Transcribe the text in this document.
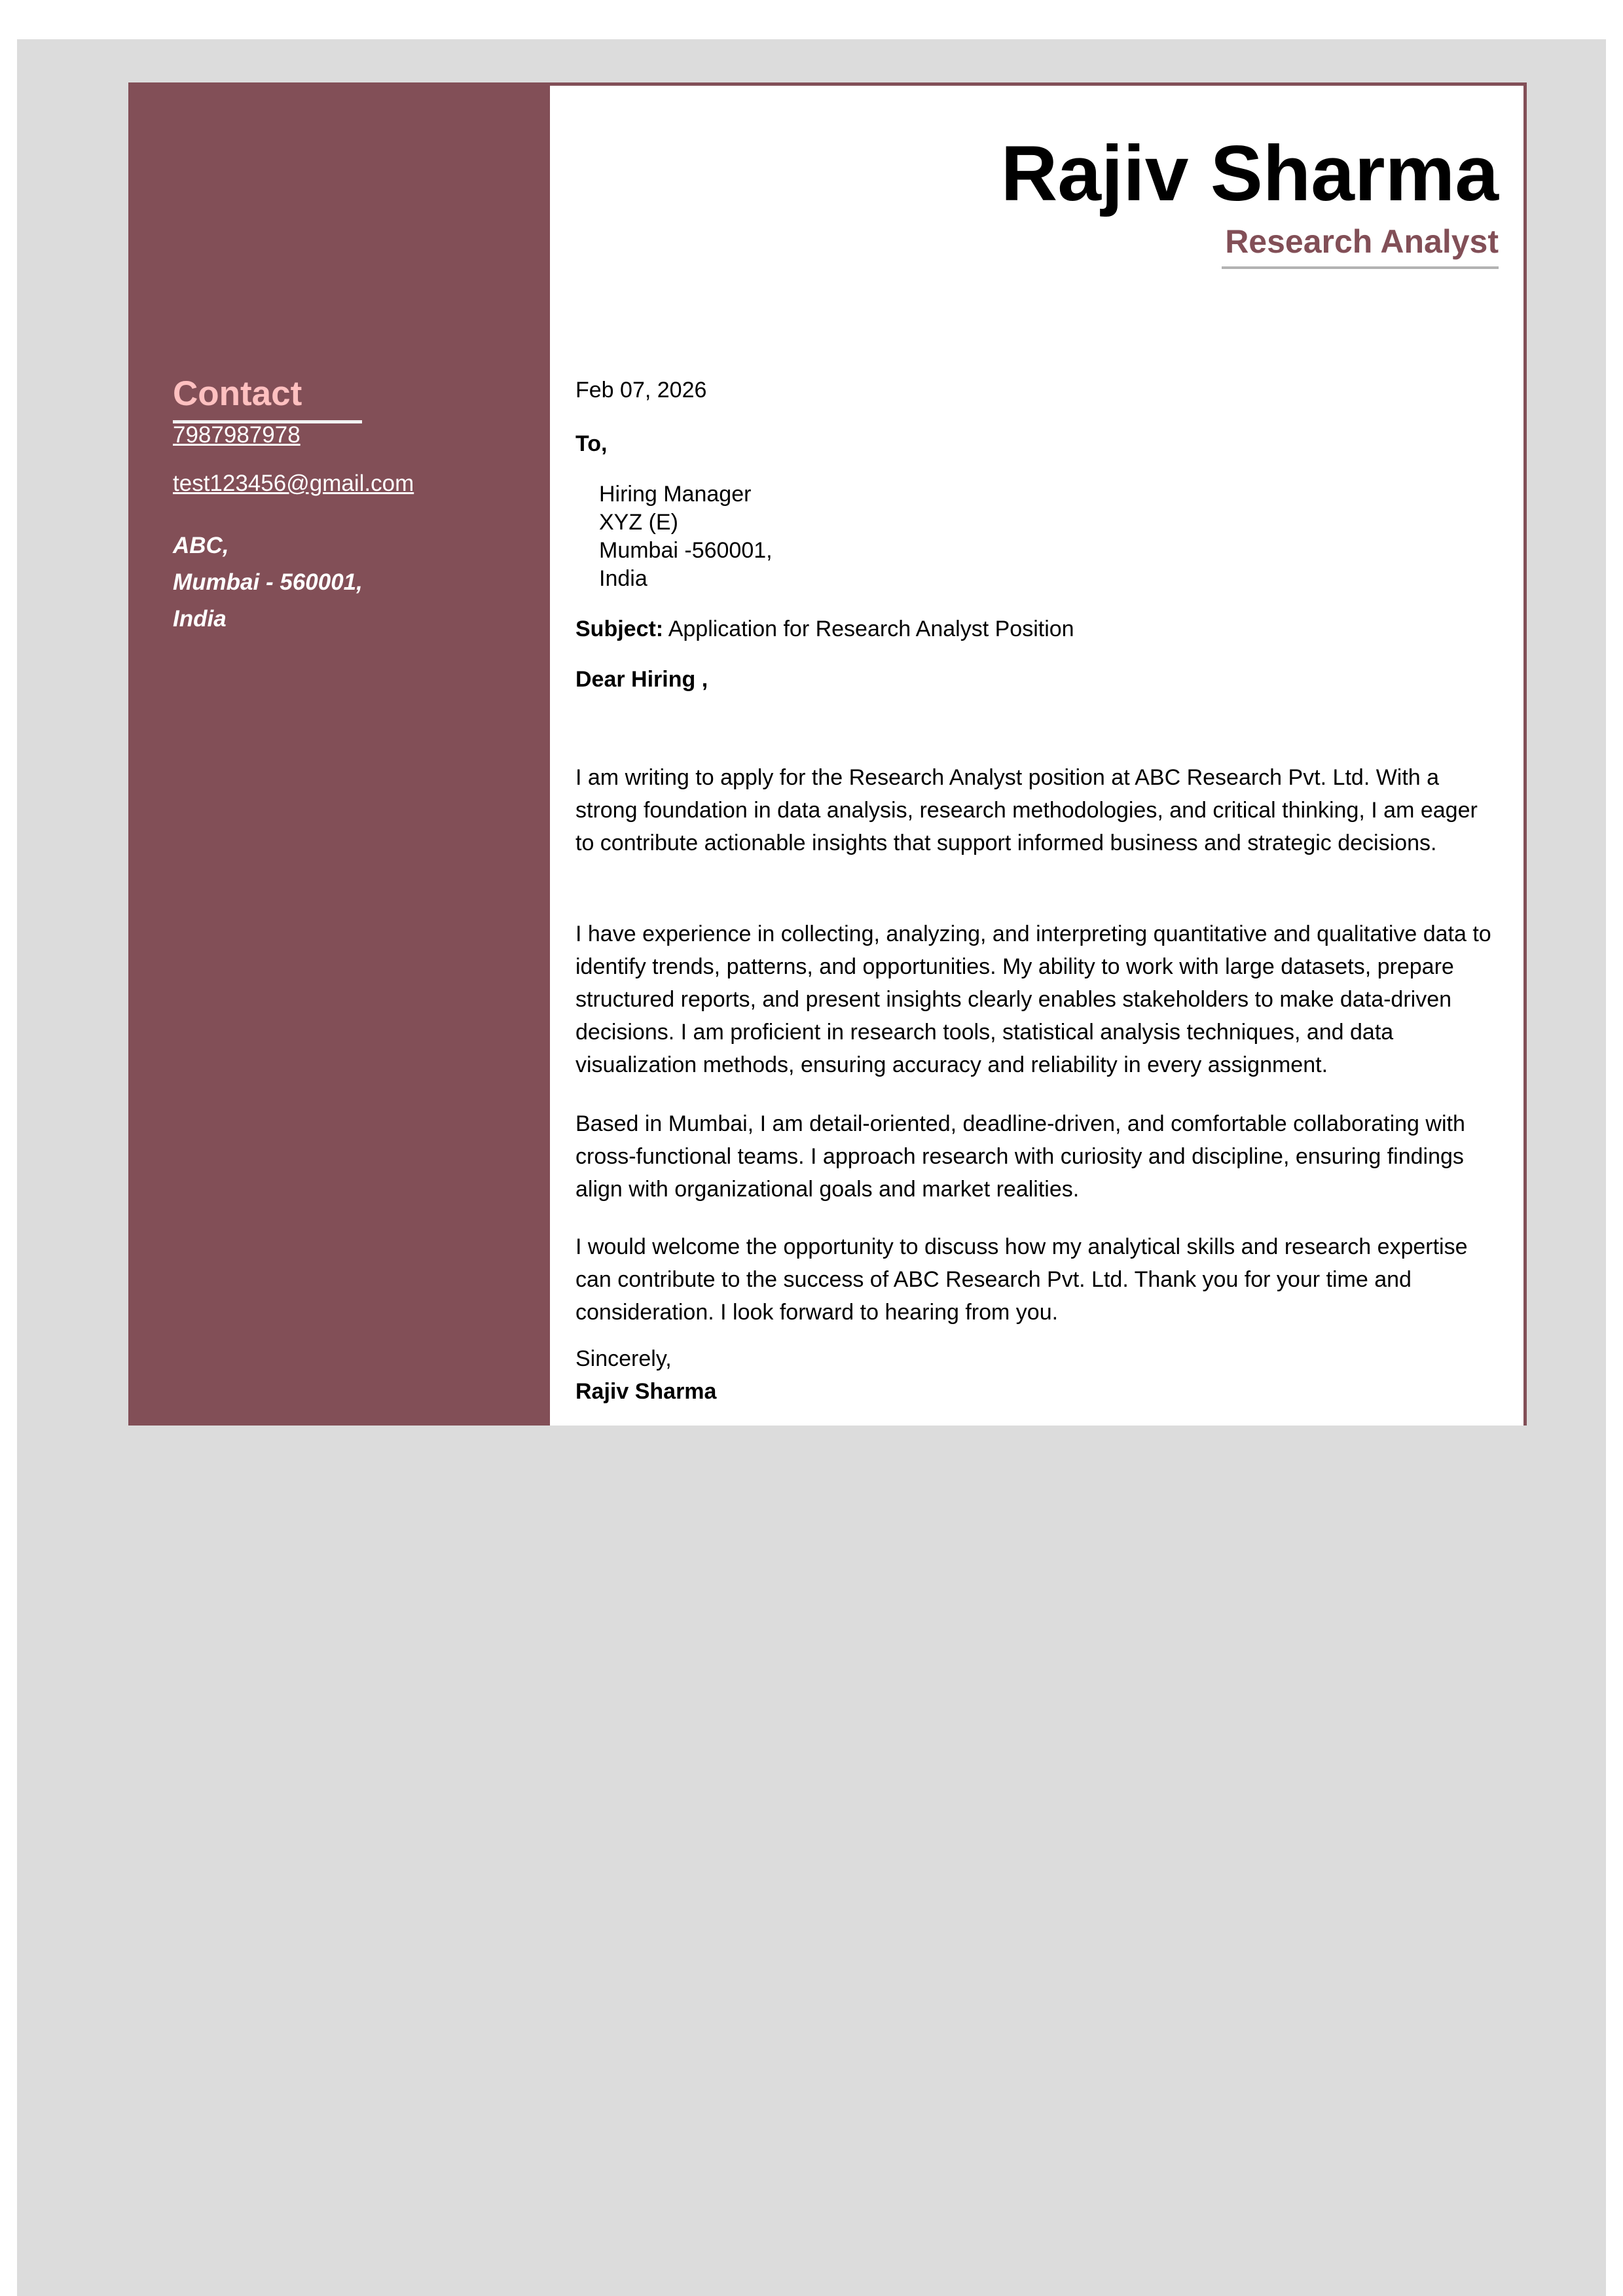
Contact
7987987978
test123456@gmail.com
ABC,
Mumbai - 560001,
India
Rajiv Sharma
Research Analyst
Feb 07, 2026
To,
Hiring Manager
XYZ (E)
Mumbai -560001,
India
Subject: Application for Research Analyst Position
Dear Hiring ,

I am writing to apply for the Research Analyst position at ABC Research Pvt. Ltd. With a strong foundation in data analysis, research methodologies, and critical thinking, I am eager to contribute actionable insights that support informed business and strategic decisions.

I have experience in collecting, analyzing, and interpreting quantitative and qualitative data to identify trends, patterns, and opportunities. My ability to work with large datasets, prepare structured reports, and present insights clearly enables stakeholders to make data-driven decisions. I am proficient in research tools, statistical analysis techniques, and data visualization methods, ensuring accuracy and reliability in every assignment.

Based in Mumbai, I am detail-oriented, deadline-driven, and comfortable collaborating with cross-functional teams. I approach research with curiosity and discipline, ensuring findings align with organizational goals and market realities.

I would welcome the opportunity to discuss how my analytical skills and research expertise can contribute to the success of ABC Research Pvt. Ltd. Thank you for your time and consideration. I look forward to hearing from you.

Sincerely,
Rajiv Sharma
